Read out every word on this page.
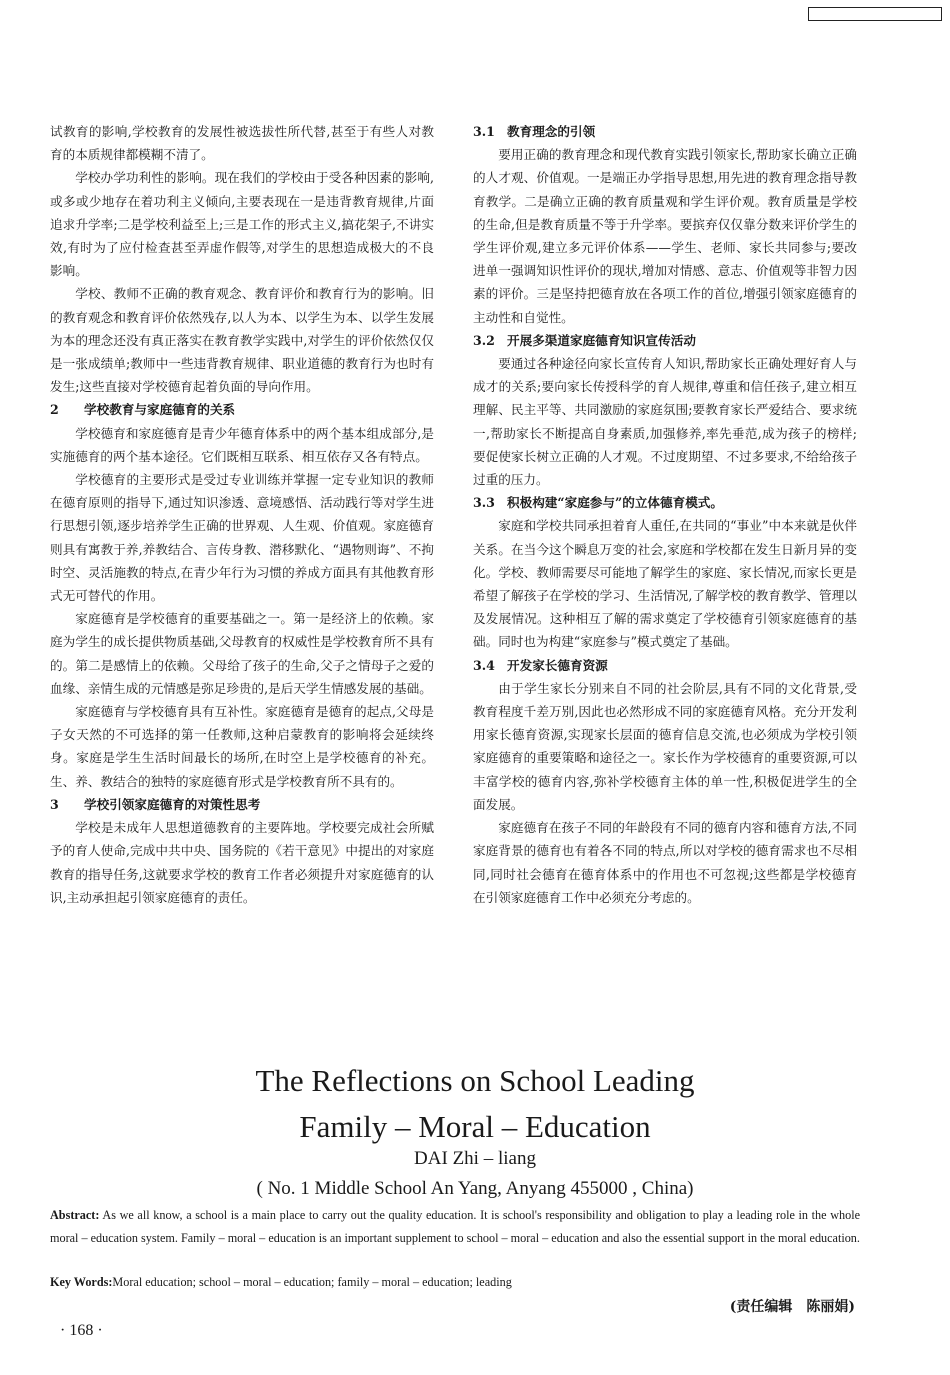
试教育的影响,学校教育的发展性被选拔性所代替,甚至于有些人对教育的本质规律都模糊不清了。

学校办学功利性的影响。现在我们的学校由于受各种因素的影响,或多或少地存在着功利主义倾向,主要表现在一是违背教育规律,片面追求升学率;二是学校利益至上;三是工作的形式主义,搞花架子,不讲实效,有时为了应付检查甚至弄虚作假等,对学生的思想造成极大的不良影响。

学校、教师不正确的教育观念、教育评价和教育行为的影响。旧的教育观念和教育评价依然残存,以人为本、以学生为本、以学生发展为本的理念还没有真正落实在教育教学实践中,对学生的评价依然仅仅是一张成绩单;教师中一些违背教育规律、职业道德的教育行为也时有发生;这些直接对学校德育起着负面的导向作用。

2 学校教育与家庭德育的关系

学校德育和家庭德育是青少年德育体系中的两个基本组成部分,是实施德育的两个基本途径。它们既相互联系、相互依存又各有特点。

学校德育的主要形式是受过专业训练并掌握一定专业知识的教师在德育原则的指导下,通过知识渗透、意境感悟、活动践行等对学生进行思想引领,逐步培养学生正确的世界观、人生观、价值观。家庭德育则具有寓教于养,养教结合、言传身教、潜移默化、“遇物则诲”、不拘时空、灵活施教的特点,在青少年行为习惯的养成方面具有其他教育形式无可替代的作用。

家庭德育是学校德育的重要基础之一。第一是经济上的依赖。家庭为学生的成长提供物质基础,父母教育的权威性是学校教育所不具有的。第二是感情上的依赖。父母给了孩子的生命,父子之情母子之爱的血缘、亲情生成的元情感是弥足珍贵的,是后天学生情感发展的基础。

家庭德育与学校德育具有互补性。家庭德育是德育的起点,父母是子女天然的不可选择的第一任教师,这种启蒙教育的影响将会延续终身。家庭是学生生活时间最长的场所,在时空上是学校德育的补充。生、养、教结合的独特的家庭德育形式是学校教育所不具有的。

3 学校引领家庭德育的对策性思考

学校是未成年人思想道德教育的主要阵地。学校要完成社会所赋予的育人使命,完成中共中央、国务院的《若干意见》中提出的对家庭教育的指导任务,这就要求学校的教育工作者必须提升对家庭德育的认识,主动承担起引领家庭德育的责任。

3.1 教育理念的引领

要用正确的教育理念和现代教育实践引领家长,帮助家长确立正确的人才观、价值观。一是端正办学指导思想,用先进的教育理念指导教育教学。二是确立正确的教育质量观和学生评价观。教育质量是学校的生命,但是教育质量不等于升学率。要摈弃仅仅靠分数来评价学生的学生评价观,建立多元评价体系——学生、老师、家长共同参与;要改进单一强调知识性评价的现状,增加对情感、意志、价值观等非智力因素的评价。三是坚持把德育放在各项工作的首位,增强引领家庭德育的主动性和自觉性。

3.2 开展多渠道家庭德育知识宣传活动

要通过各种途径向家长宣传育人知识,帮助家长正确处理好育人与成才的关系;要向家长传授科学的育人规律,尊重和信任孩子,建立相互理解、民主平等、共同激励的家庭氛围;要教育家长严爱结合、要求统一,帮助家长不断提高自身素质,加强修养,率先垂范,成为孩子的榜样;要促使家长树立正确的人才观。不过度期望、不过多要求,不给给孩子过重的压力。

3.3 积极构建“家庭参与”的立体德育模式。

家庭和学校共同承担着育人重任,在共同的“事业”中本来就是伙伴关系。在当今这个瞬息万变的社会,家庭和学校都在发生日新月异的变化。学校、教师需要尽可能地了解学生的家庭、家长情况,而家长更是希望了解孩子在学校的学习、生活情况,了解学校的教育教学、管理以及发展情况。这种相互了解的需求奠定了学校德育引领家庭德育的基础。同时也为构建“家庭参与”模式奠定了基础。

3.4 开发家长德育资源

由于学生家长分别来自不同的社会阶层,具有不同的文化背景,受教育程度千差万别,因此也必然形成不同的家庭德育风格。充分开发利用家长德育资源,实现家长层面的德育信息交流,也必须成为学校引领家庭德育的重要策略和途径之一。家长作为学校德育的重要资源,可以丰富学校的德育内容,弥补学校德育主体的单一性,积极促进学生的全面发展。

家庭德育在孩子不同的年龄段有不同的德育内容和德育方法,不同家庭背景的德育也有着各不同的特点,所以对学校的德育需求也不尽相同,同时社会德育在德育体系中的作用也不可忽视;这些都是学校德育在引领家庭德育工作中必须充分考虑的。

The Reflections on School Leading
Family – Moral – Education
DAI Zhi – liang
( No. 1 Middle School An Yang, Anyang 455000 , China)

Abstract: As we all know, a school is a main place to carry out the quality education. It is school's responsibility and obligation to play a leading role in the whole moral – education system. Family – moral – education is an important supplement to school – moral – education and also the essential support in the moral education.

Key Words:Moral education; school – moral – education; family – moral – education; leading

(责任编辑　陈丽娟)
· 168 ·
